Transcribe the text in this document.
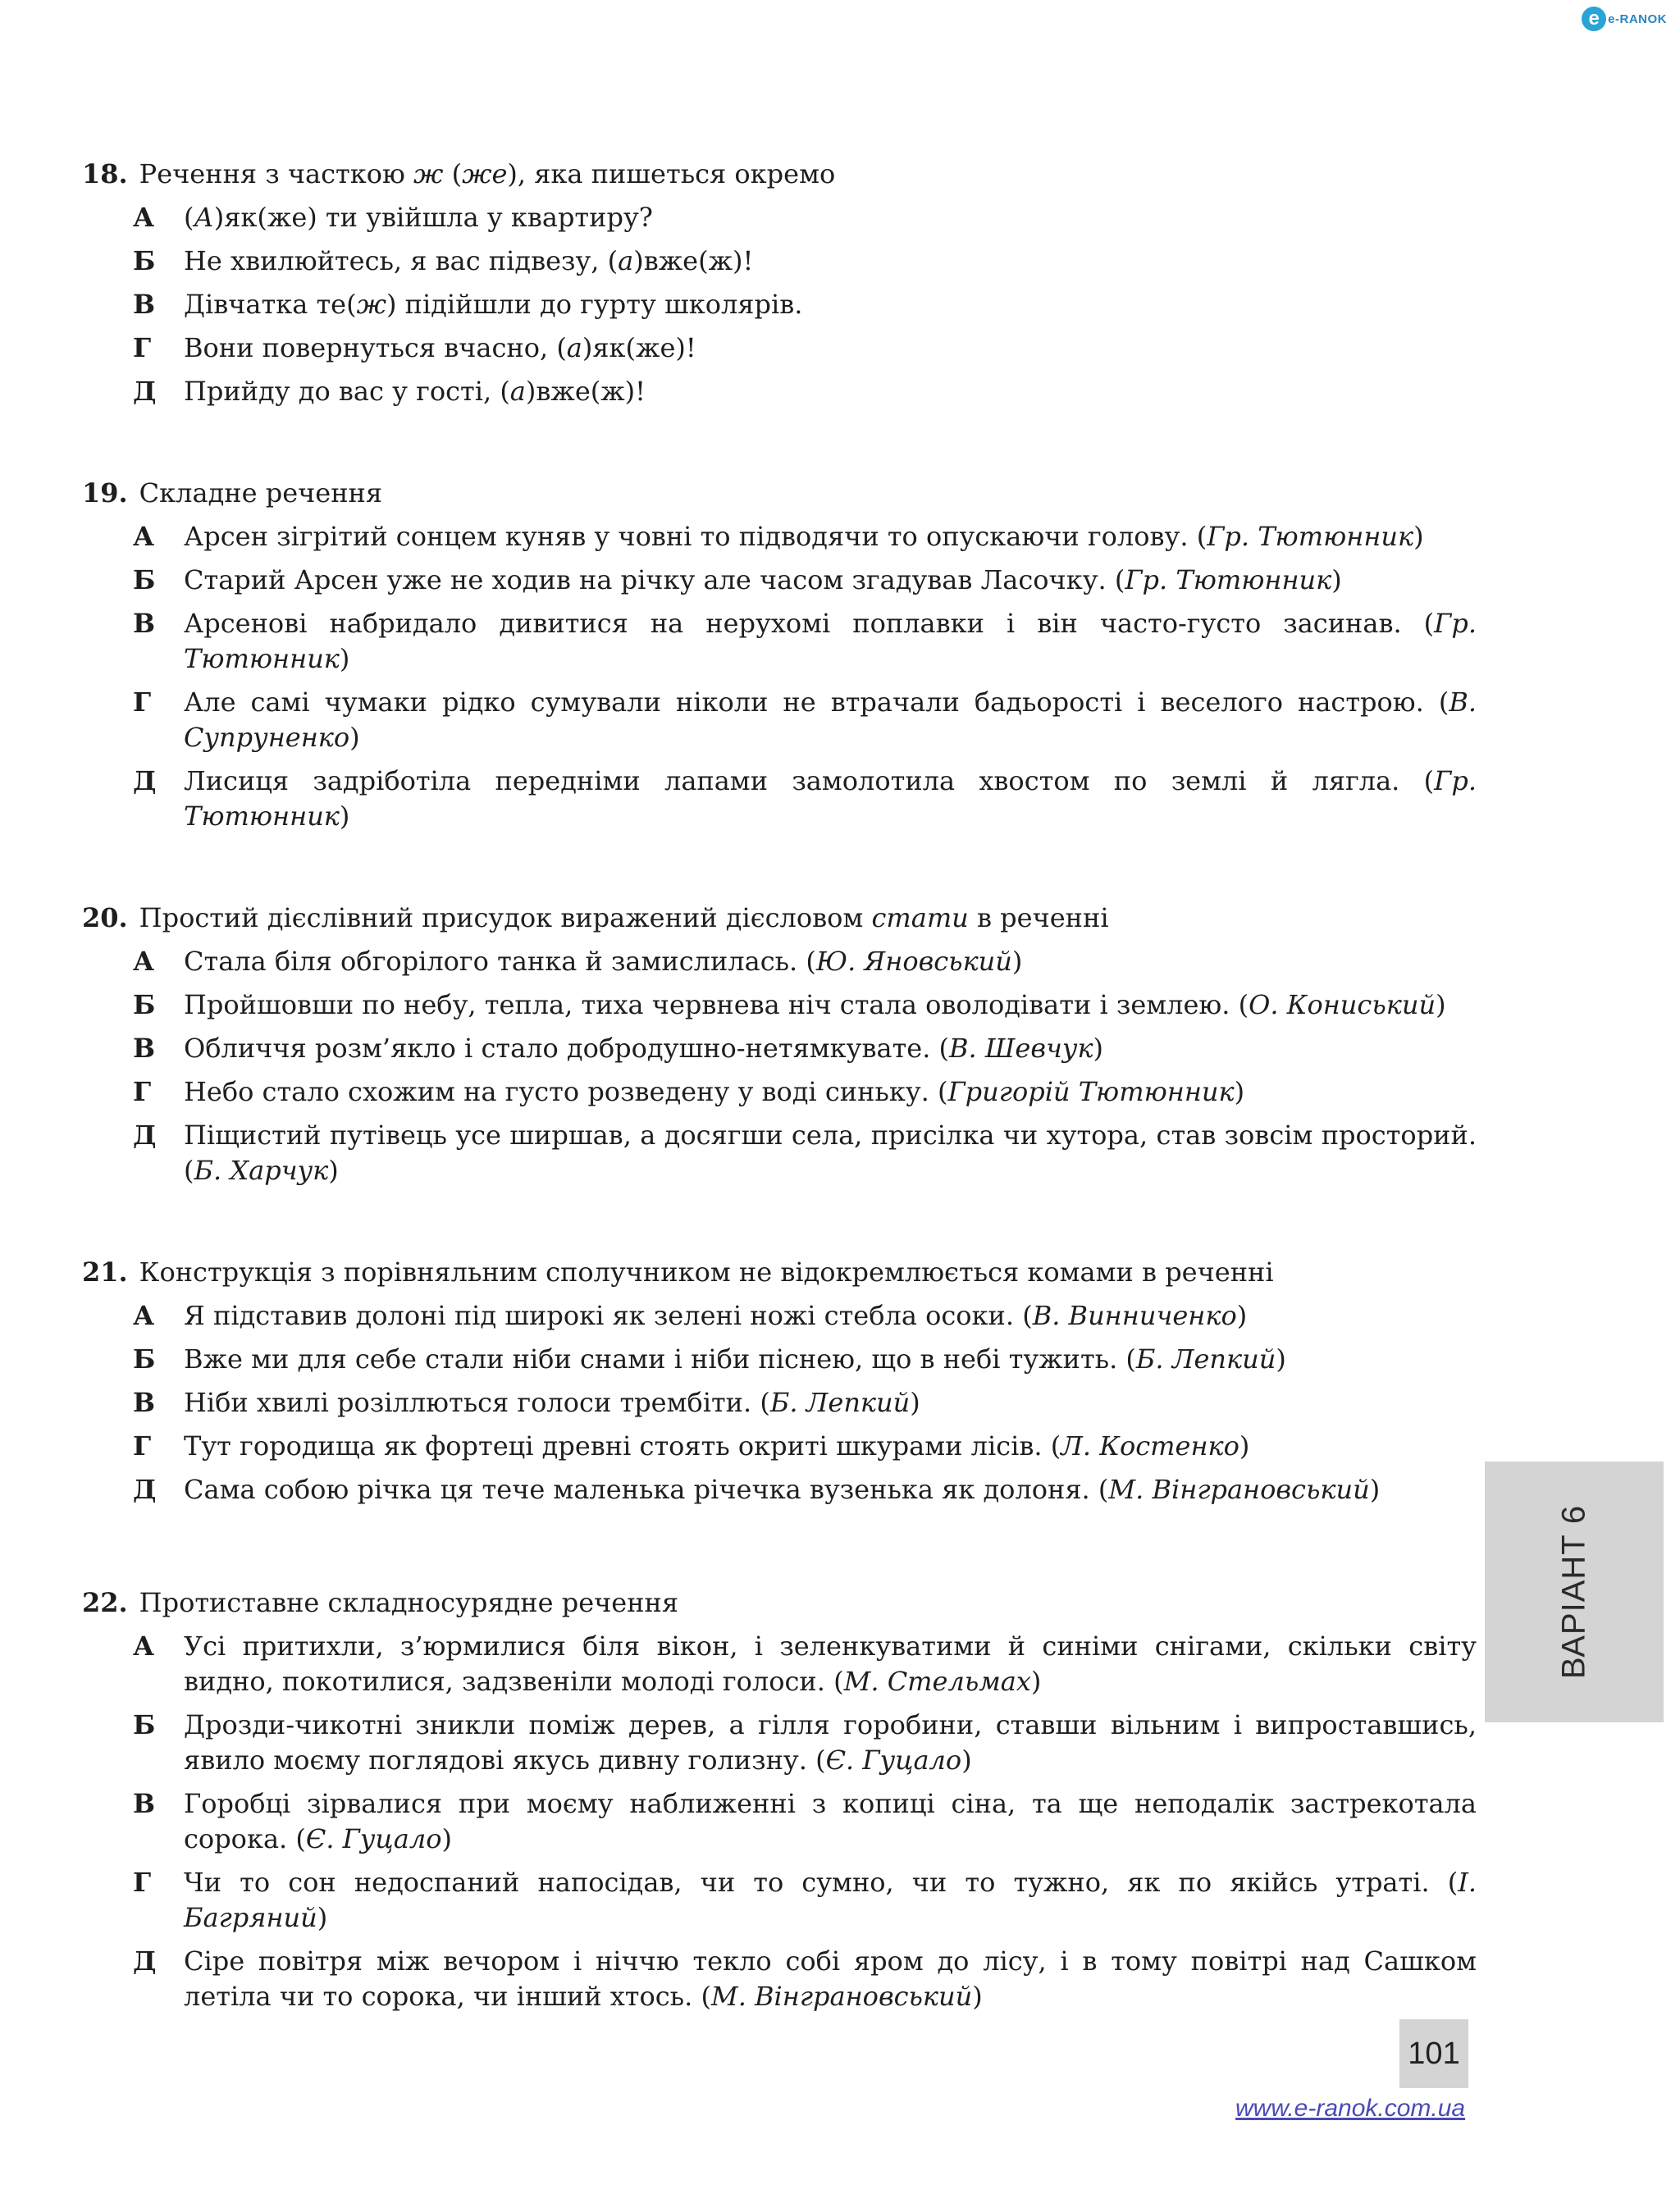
e e-RANOK
18. Речення з часткою ж (же), яка пишеться окремо
А	(А)як(же) ти увійшла у квартиру?
Б	Не хвилюйтесь, я вас підвезу, (а)вже(ж)!
В	Дівчатка те(ж) підійшли до гурту школярів.
Г	Вони повернуться вчасно, (а)як(же)!
Д	Прийду до вас у гості, (а)вже(ж)!
19. Складне речення
А	Арсен зігрітий сонцем куняв у човні то підводячи то опускаючи голову. (Гр. Тютюнник)
Б	Старий Арсен уже не ходив на річку але часом згадував Ласочку. (Гр. Тютюнник)
В	Арсенові набридало дивитися на нерухомі поплавки і він часто-густо засинав. (Гр. Тютюнник)
Г	Але самі чумаки рідко сумували ніколи не втрачали бадьорості і веселого настрою. (В. Супруненко)
Д	Лисиця задріботіла передніми лапами замолотила хвостом по землі й лягла. (Гр. Тютюнник)
20. Простий дієслівний присудок виражений дієсловом стати в реченні
А	Стала біля обгорілого танка й замислилась. (Ю. Яновський)
Б	Пройшовши по небу, тепла, тиха червнева ніч стала оволодівати і землею. (О. Кониський)
В	Обличчя розм’якло і стало добродушно-нетямкувате. (В. Шевчук)
Г	Небо стало схожим на густо розведену у воді синьку. (Григорій Тютюнник)
Д	Піщистий путівець усе ширшав, а досягши села, присілка чи хутора, став зовсім просторий. (Б. Харчук)
21. Конструкція з порівняльним сполучником не відокремлюється комами в реченні
А	Я підставив долоні під широкі як зелені ножі стебла осоки. (В. Винниченко)
Б	Вже ми для себе стали ніби снами і ніби піснею, що в небі тужить. (Б. Лепкий)
В	Ніби хвилі розіллються голоси трембіти. (Б. Лепкий)
Г	Тут городища як фортеці древні стоять окриті шкурами лісів. (Л. Костенко)
Д	Сама собою річка ця тече маленька річечка вузенька як долоня. (М. Вінграновський)
22. Протиставне складносурядне речення
А	Усі притихли, з’юрмилися біля вікон, і зеленкуватими й синіми снігами, скільки світу видно, покотилися, задзвеніли молоді голоси. (М. Стельмах)
Б	Дрозди-чикотні зникли поміж дерев, а гілля горобини, ставши вільним і випроставшись, явило моєму поглядові якусь дивну голизну. (Є. Гуцало)
В	Горобці зірвалися при моєму наближенні з копиці сіна, та ще неподалік застрекотала сорока. (Є. Гуцало)
Г	Чи то сон недоспаний напосідав, чи то сумно, чи то тужно, як по якійсь утраті. (І. Багряний)
Д	Сіре повітря між вечором і ніччю текло собі яром до лісу, і в тому повітрі над Сашком летіла чи то сорока, чи інший хтось. (М. Вінграновський)
ВАРІАНТ 6
101
www.e-ranok.com.ua
